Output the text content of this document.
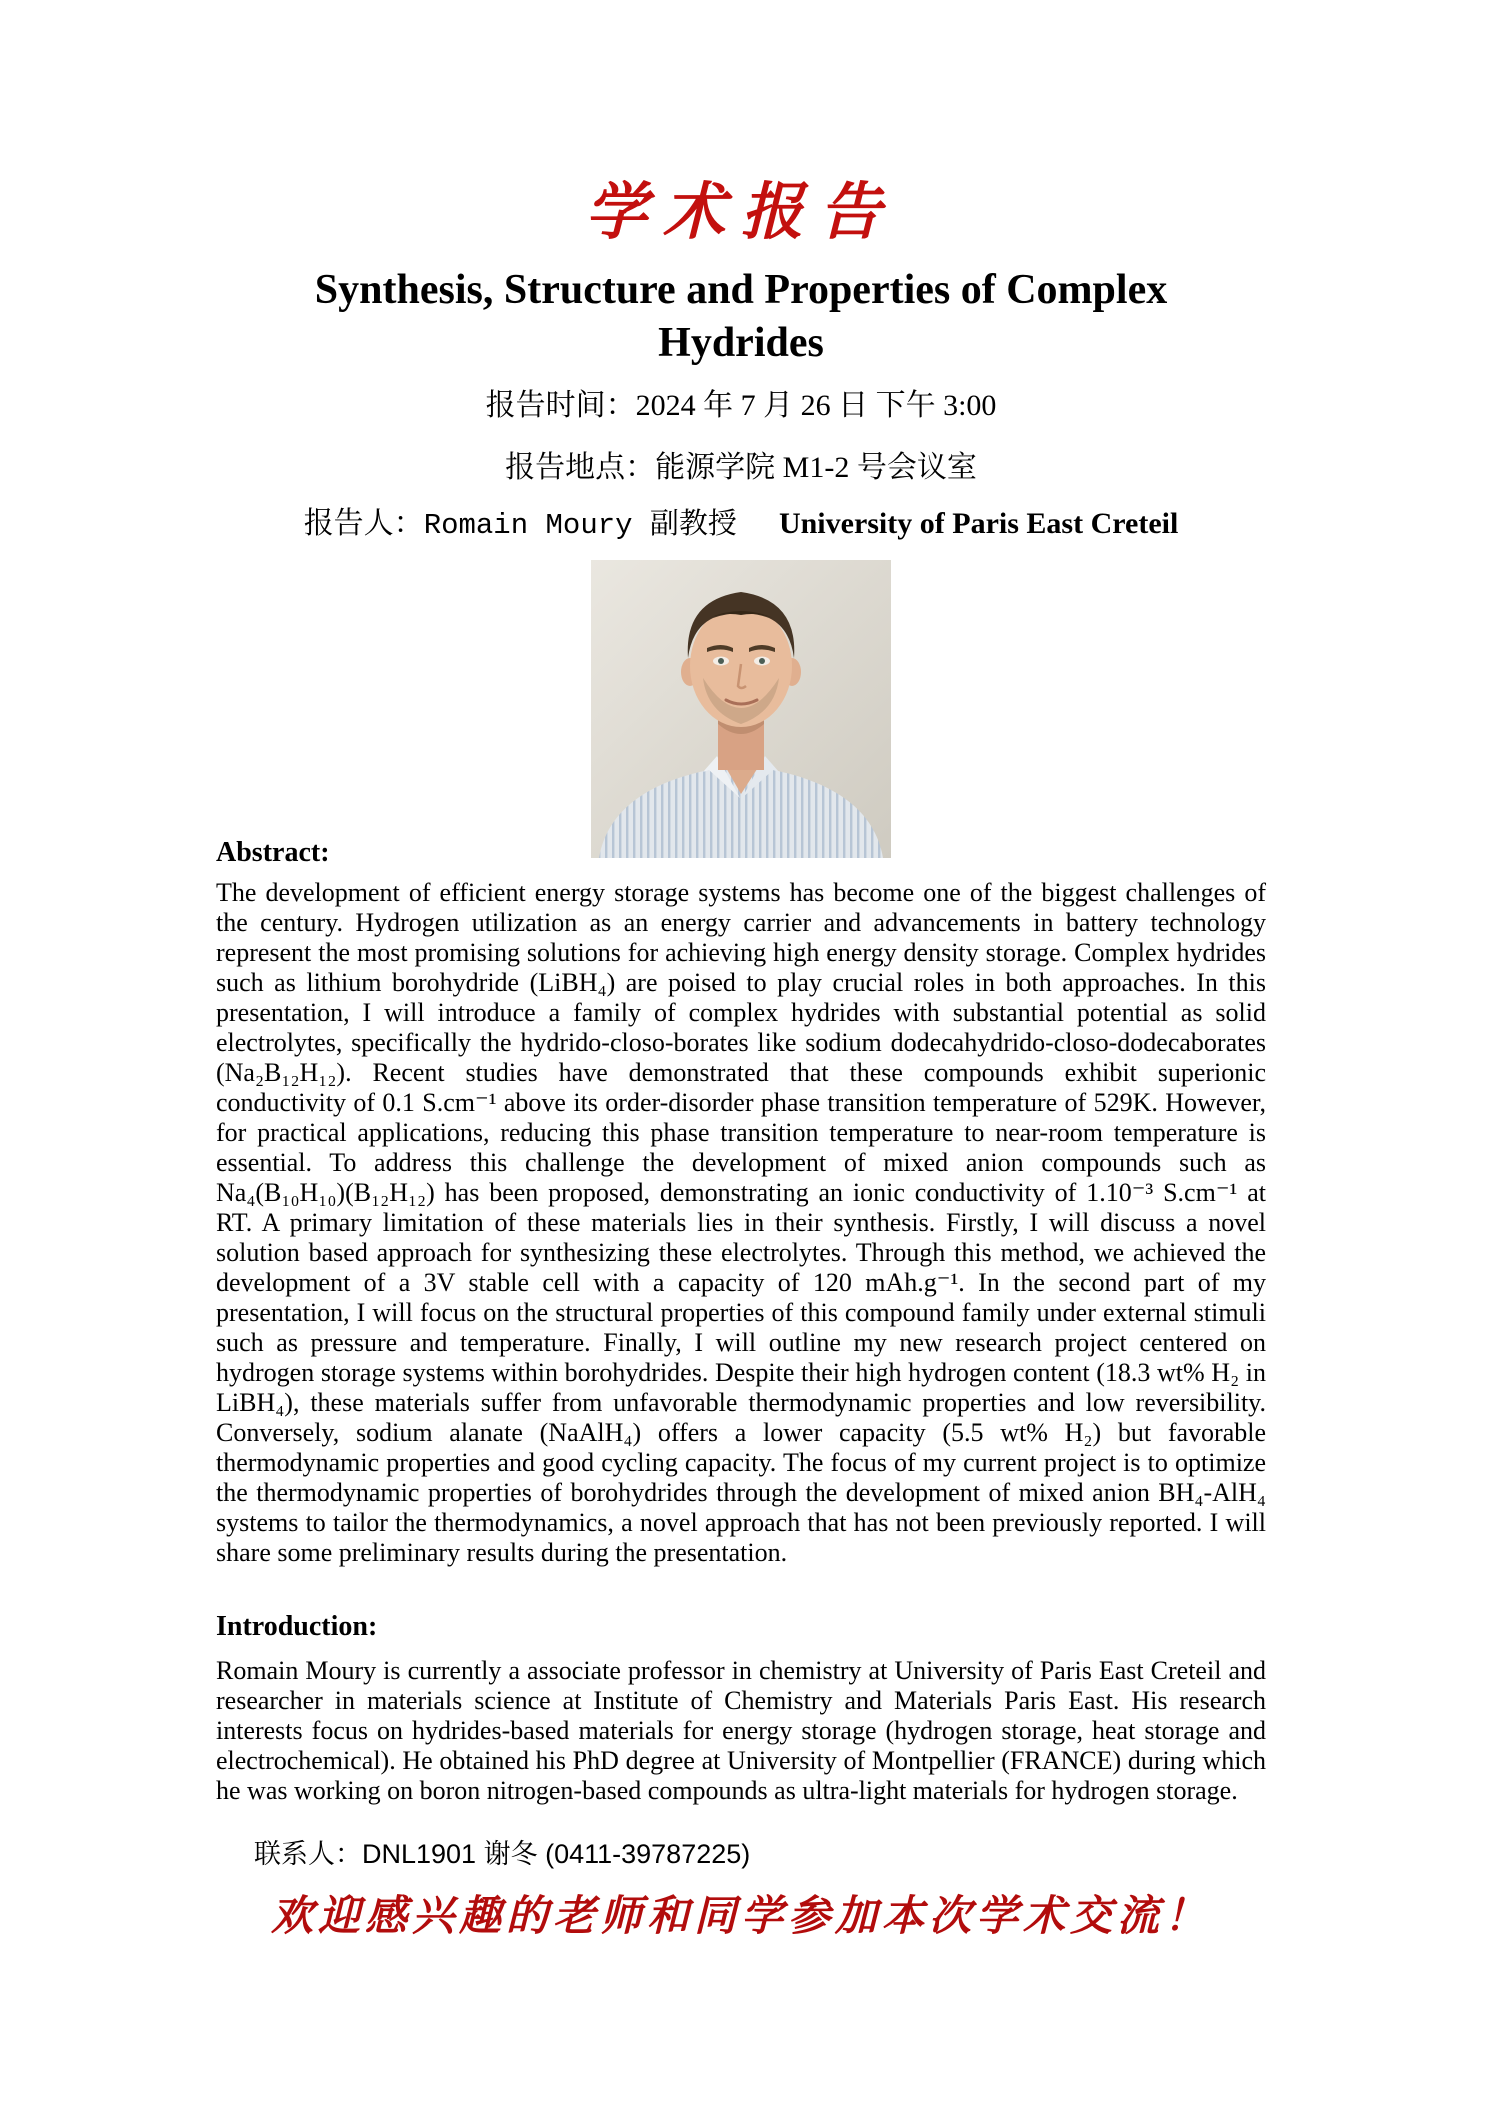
学术报告
Synthesis, Structure and Properties of Complex
Hydrides
报告时间：2024 年 7 月 26 日 下午 3:00
报告地点：能源学院 M1-2 号会议室
报告人：Romain Moury 副教授 University of Paris East Creteil
Abstract:

The development of efficient energy storage systems has become one of the biggest challenges of the century. Hydrogen utilization as an energy carrier and advancements in battery technology represent the most promising solutions for achieving high energy density storage. Complex hydrides such as lithium borohydride (LiBH₄) are poised to play crucial roles in both approaches. In this presentation, I will introduce a family of complex hydrides with substantial potential as solid electrolytes, specifically the hydrido-closo-borates like sodium dodecahydrido-closo-dodecaborates (Na₂B₁₂H₁₂). Recent studies have demonstrated that these compounds exhibit superionic conductivity of 0.1 S.cm⁻¹ above its order-disorder phase transition temperature of 529K. However, for practical applications, reducing this phase transition temperature to near-room temperature is essential. To address this challenge the development of mixed anion compounds such as Na₄(B₁₀H₁₀)(B₁₂H₁₂) has been proposed, demonstrating an ionic conductivity of 1.10⁻³ S.cm⁻¹ at RT. A primary limitation of these materials lies in their synthesis. Firstly, I will discuss a novel solution based approach for synthesizing these electrolytes. Through this method, we achieved the development of a 3V stable cell with a capacity of 120 mAh.g⁻¹. In the second part of my presentation, I will focus on the structural properties of this compound family under external stimuli such as pressure and temperature. Finally, I will outline my new research project centered on hydrogen storage systems within borohydrides. Despite their high hydrogen content (18.3 wt% H₂ in LiBH₄), these materials suffer from unfavorable thermodynamic properties and low reversibility. Conversely, sodium alanate (NaAlH₄) offers a lower capacity (5.5 wt% H₂) but favorable thermodynamic properties and good cycling capacity. The focus of my current project is to optimize the thermodynamic properties of borohydrides through the development of mixed anion BH₄-AlH₄ systems to tailor the thermodynamics, a novel approach that has not been previously reported. I will share some preliminary results during the presentation.

Introduction:

Romain Moury is currently a associate professor in chemistry at University of Paris East Creteil and researcher in materials science at Institute of Chemistry and Materials Paris East. His research interests focus on hydrides-based materials for energy storage (hydrogen storage, heat storage and electrochemical). He obtained his PhD degree at University of Montpellier (FRANCE) during which he was working on boron nitrogen-based compounds as ultra-light materials for hydrogen storage.

联系人：DNL1901 谢冬 (0411-39787225)
欢迎感兴趣的老师和同学参加本次学术交流！
